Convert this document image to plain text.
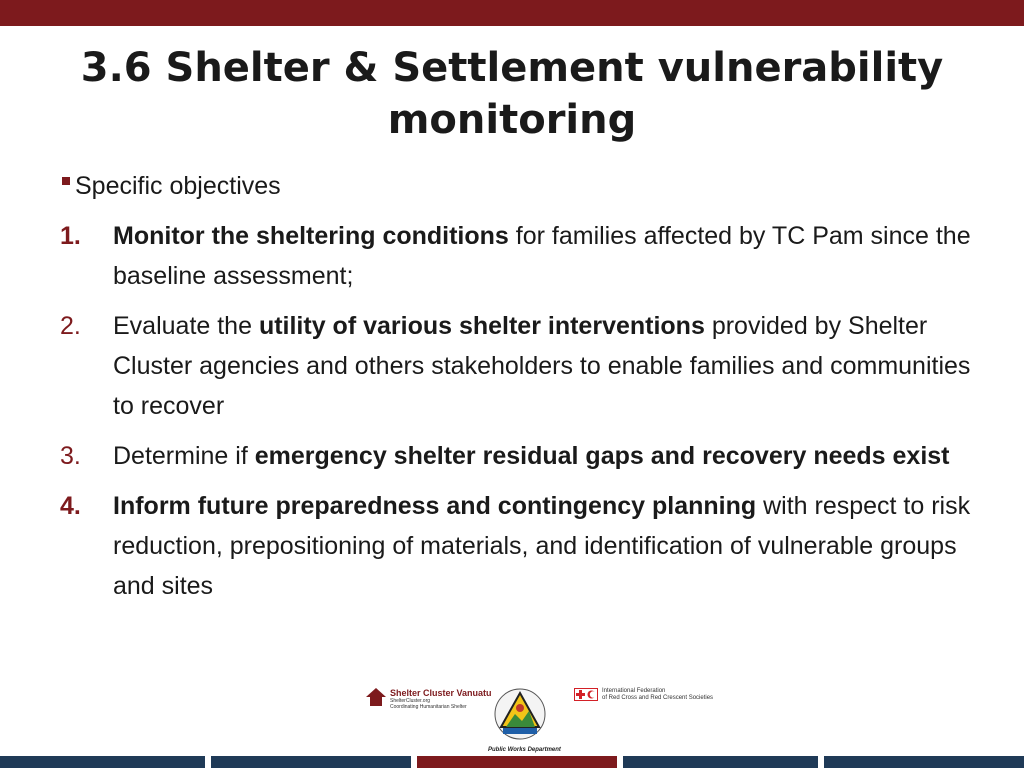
3.6 Shelter & Settlement vulnerability
monitoring
Specific objectives
1. Monitor the sheltering conditions for families affected by TC Pam since the baseline assessment;
2. Evaluate the utility of various shelter interventions provided by Shelter Cluster agencies and others stakeholders to enable families and communities to recover
3. Determine if emergency shelter residual gaps and recovery needs exist
4. Inform future preparedness and contingency planning with respect to risk reduction, prepositioning of materials, and identification of vulnerable groups and sites
Shelter Cluster Vanuatu
ShelterCluster.org
Coordinating Humanitarian Shelter
Public Works Department
International Federation
of Red Cross and Red Crescent Societies
